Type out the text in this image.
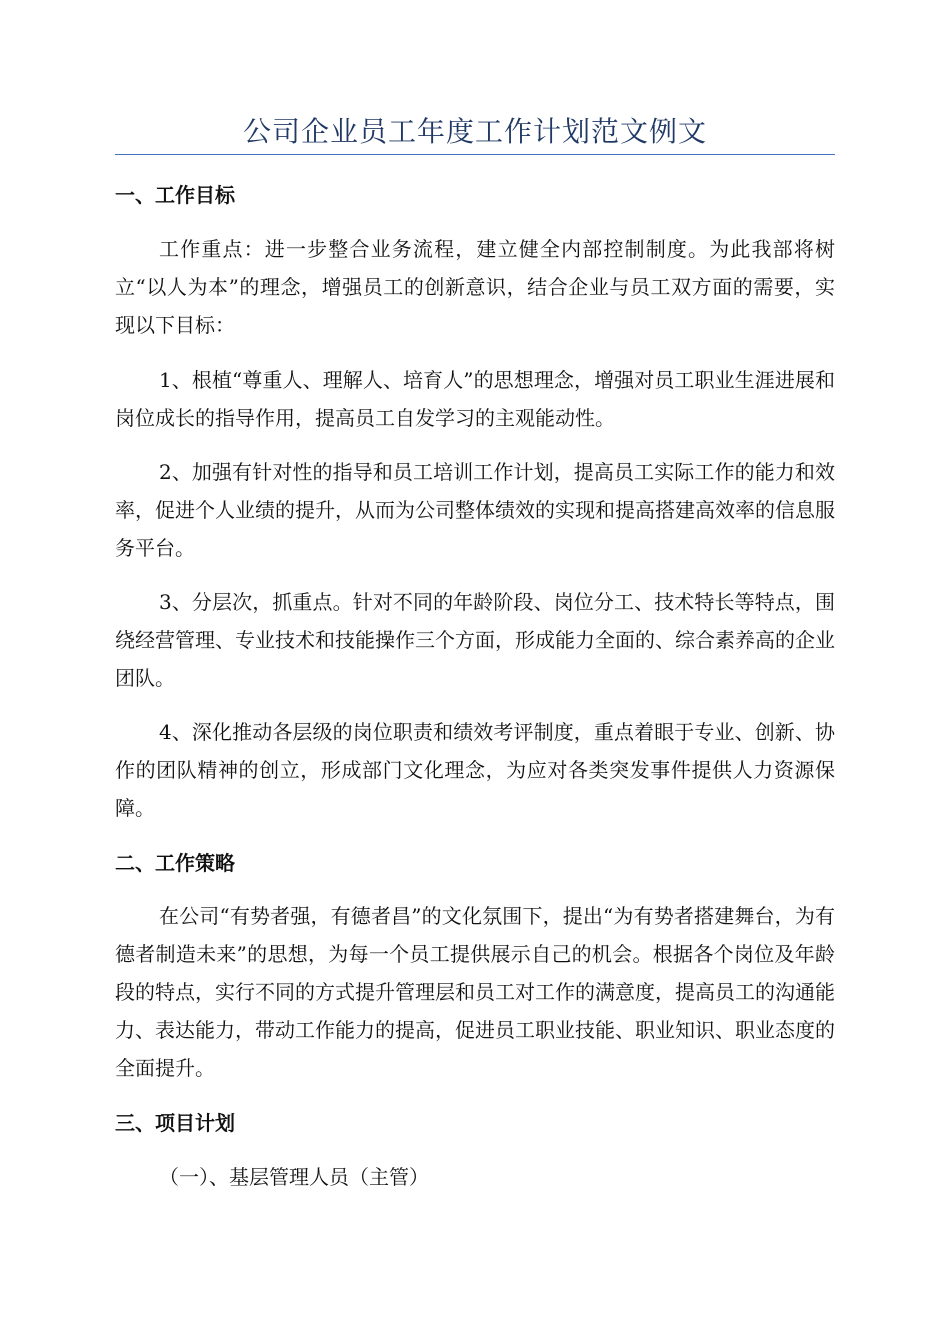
公司企业员工年度工作计划范文例文
一、工作目标
工作重点：进一步整合业务流程，建立健全内部控制制度。为此我部将树立“以人为本”的理念，增强员工的创新意识，结合企业与员工双方面的需要，实现以下目标：
1、根植“尊重人、理解人、培育人”的思想理念，增强对员工职业生涯进展和岗位成长的指导作用，提高员工自发学习的主观能动性。
2、加强有针对性的指导和员工培训工作计划，提高员工实际工作的能力和效率，促进个人业绩的提升，从而为公司整体绩效的实现和提高搭建高效率的信息服务平台。
3、分层次，抓重点。针对不同的年龄阶段、岗位分工、技术特长等特点，围绕经营管理、专业技术和技能操作三个方面，形成能力全面的、综合素养高的企业团队。
4、深化推动各层级的岗位职责和绩效考评制度，重点着眼于专业、创新、协作的团队精神的创立，形成部门文化理念，为应对各类突发事件提供人力资源保障。
二、工作策略
在公司“有势者强，有德者昌”的文化氛围下，提出“为有势者搭建舞台，为有德者制造未来”的思想，为每一个员工提供展示自己的机会。根据各个岗位及年龄段的特点，实行不同的方式提升管理层和员工对工作的满意度，提高员工的沟通能力、表达能力，带动工作能力的提高，促进员工职业技能、职业知识、职业态度的全面提升。
三、项目计划
（一）、基层管理人员（主管）
